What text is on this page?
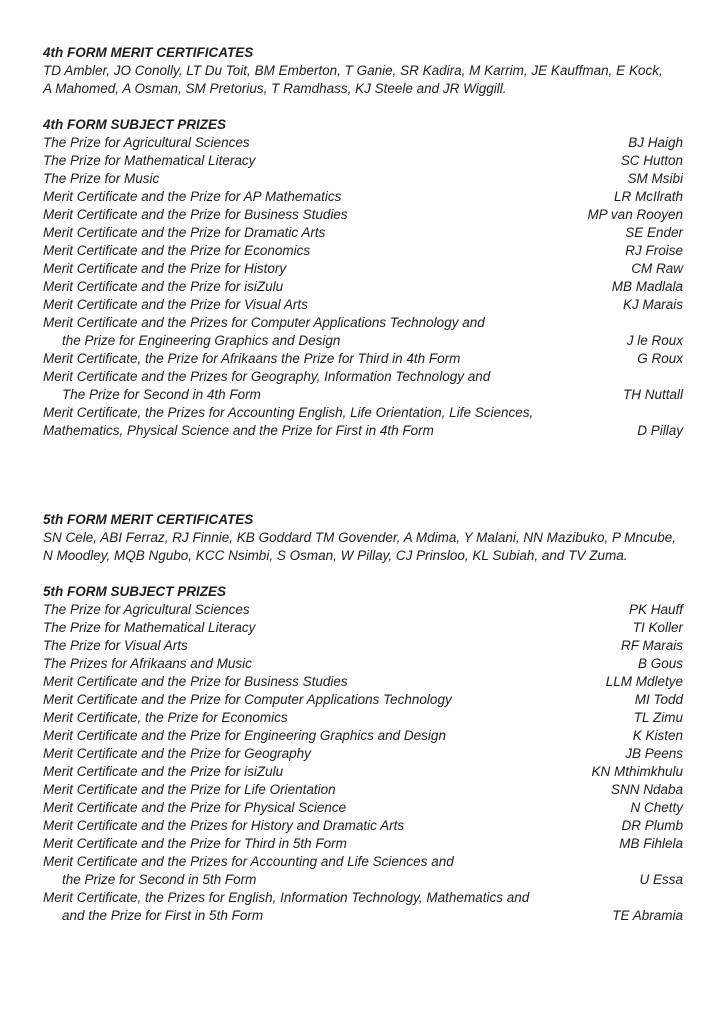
4th FORM MERIT CERTIFICATES
TD Ambler, JO Conolly, LT Du Toit, BM Emberton, T Ganie, SR Kadira, M Karrim, JE Kauffman, E Kock,
A Mahomed, A Osman, SM Pretorius, T Ramdhass, KJ Steele and JR Wiggill.
4th FORM SUBJECT PRIZES
The Prize for Agricultural Sciences	BJ Haigh
The Prize for Mathematical Literacy	SC Hutton
The Prize for Music	SM Msibi
Merit Certificate and the Prize for AP Mathematics	LR McIlrath
Merit Certificate and the Prize for Business Studies	MP van Rooyen
Merit Certificate and the Prize for Dramatic Arts	SE Ender
Merit Certificate and the Prize for Economics	RJ Froise
Merit Certificate and the Prize for History	CM Raw
Merit Certificate and the Prize for isiZulu	MB Madlala
Merit Certificate and the Prize for Visual Arts	KJ Marais
Merit Certificate and the Prizes for Computer Applications Technology and
the Prize for Engineering Graphics and Design	J le Roux
Merit Certificate, the Prize for Afrikaans the Prize for Third in 4th Form	G Roux
Merit Certificate and the Prizes for Geography, Information Technology and
The Prize for Second in 4th Form	TH Nuttall
Merit Certificate, the Prizes for Accounting English, Life Orientation, Life Sciences,
Mathematics, Physical Science and the Prize for First in 4th Form	D Pillay
5th FORM MERIT CERTIFICATES
SN Cele, ABI Ferraz, RJ Finnie, KB Goddard TM Govender, A Mdima, Y Malani, NN Mazibuko, P Mncube,
N Moodley, MQB Ngubo, KCC Nsimbi, S Osman, W Pillay, CJ Prinsloo, KL Subiah, and TV Zuma.
5th FORM SUBJECT PRIZES
The Prize for Agricultural Sciences	PK Hauff
The Prize for Mathematical Literacy	TI Koller
The Prize for Visual Arts	RF Marais
The Prizes for Afrikaans and Music	B Gous
Merit Certificate and the Prize for Business Studies	LLM Mdletye
Merit Certificate and the Prize for Computer Applications Technology	MI Todd
Merit Certificate, the Prize for Economics	TL Zimu
Merit Certificate and the Prize for Engineering Graphics and Design	K Kisten
Merit Certificate and the Prize for Geography	JB Peens
Merit Certificate and the Prize for isiZulu	KN Mthimkhulu
Merit Certificate and the Prize for Life Orientation	SNN Ndaba
Merit Certificate and the Prize for Physical Science	N Chetty
Merit Certificate and the Prizes for History and Dramatic Arts	DR Plumb
Merit Certificate and the Prize for Third in 5th Form	MB Fihlela
Merit Certificate and the Prizes for Accounting and Life Sciences and
the Prize for Second in 5th Form	U Essa
Merit Certificate, the Prizes for English, Information Technology, Mathematics and
and the Prize for First in 5th Form	TE Abramia
